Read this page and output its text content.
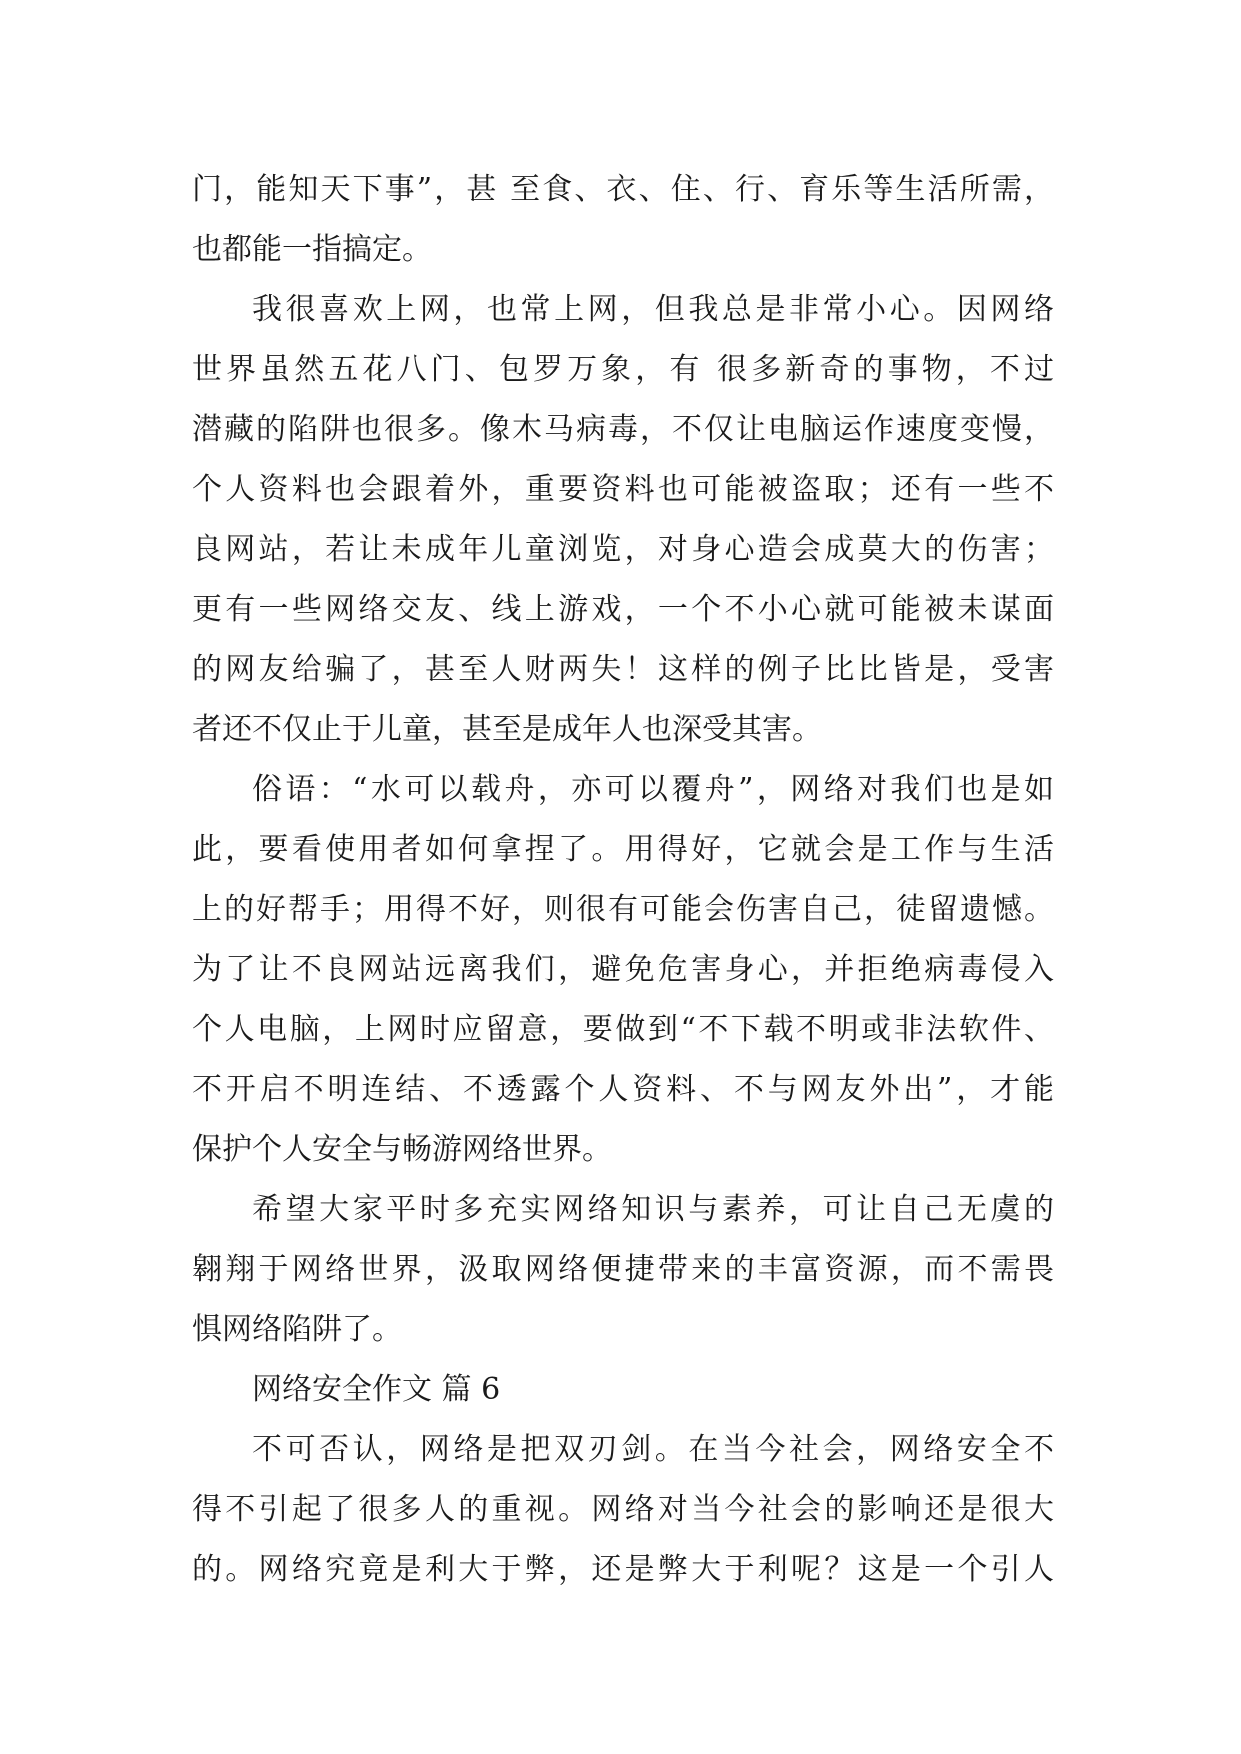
门，能知天下事”，甚 至食、衣、住、行、育乐等生活所需，
也都能一指搞定。
我很喜欢上网，也常上网，但我总是非常小心。因网络
世界虽然五花八门、包罗万象，有 很多新奇的事物，不过
潜藏的陷阱也很多。像木马病毒，不仅让电脑运作速度变慢，
个人资料也会跟着外，重要资料也可能被盗取；还有一些不
良网站，若让未成年儿童浏览，对身心造会成莫大的伤害；
更有一些网络交友、线上游戏，一个不小心就可能被未谋面
的网友给骗了，甚至人财两失！这样的例子比比皆是，受害
者还不仅止于儿童，甚至是成年人也深受其害。
俗语：“水可以载舟，亦可以覆舟”，网络对我们也是如
此，要看使用者如何拿捏了。用得好，它就会是工作与生活
上的好帮手；用得不好，则很有可能会伤害自己，徒留遗憾。
为了让不良网站远离我们，避免危害身心，并拒绝病毒侵入
个人电脑，上网时应留意，要做到“不下载不明或非法软件、
不开启不明连结、不透露个人资料、不与网友外出”，才能
保护个人安全与畅游网络世界。
希望大家平时多充实网络知识与素养，可让自己无虞的
翱翔于网络世界，汲取网络便捷带来的丰富资源，而不需畏
惧网络陷阱了。
网络安全作文 篇 6
不可否认，网络是把双刃剑。在当今社会，网络安全不
得不引起了很多人的重视。网络对当今社会的影响还是很大
的。网络究竟是利大于弊，还是弊大于利呢？这是一个引人
